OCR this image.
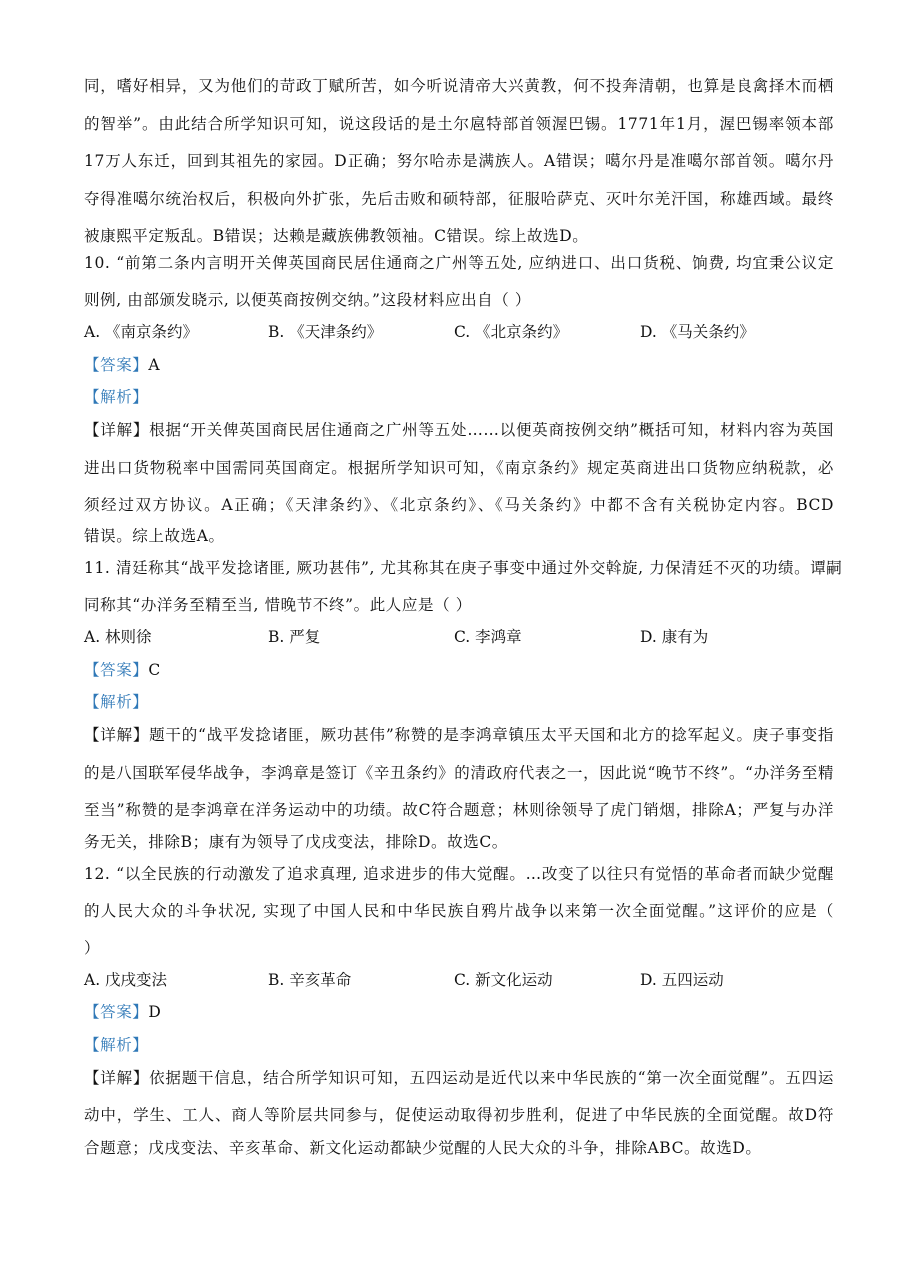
同，嗜好相异，又为他们的苛政丁赋所苦，如今听说清帝大兴黄教，何不投奔清朝，也算是良禽择木而栖
的智举”。由此结合所学知识可知，说这段话的是土尔扈特部首领渥巴锡。1771年1月，渥巴锡率领本部
17万人东迁，回到其祖先的家园。D正确；努尔哈赤是满族人。A错误；噶尔丹是准噶尔部首领。噶尔丹
夺得准噶尔统治权后，积极向外扩张，先后击败和硕特部，征服哈萨克、灭叶尔羌汗国，称雄西域。最终
被康熙平定叛乱。B错误；达赖是藏族佛教领袖。C错误。综上故选D。
10. “前第二条内言明开关俾英国商民居住通商之广州等五处, 应纳进口、出口货税、饷费, 均宜秉公议定
则例, 由部颁发晓示, 以便英商按例交纳。”这段材料应出自（ ）
A. 《南京条约》	B. 《天津条约》	C. 《北京条约》	D. 《马关条约》
【答案】A
【解析】
【详解】根据“开关俾英国商民居住通商之广州等五处……以便英商按例交纳”概括可知，材料内容为英国
进出口货物税率中国需同英国商定。根据所学知识可知，《南京条约》规定英商进出口货物应纳税款，必
须经过双方协议。A正确；《天津条约》、《北京条约》、《马关条约》中都不含有关税协定内容。BCD
错误。综上故选A。
11. 清廷称其“战平发捻诸匪, 厥功甚伟”, 尤其称其在庚子事变中通过外交斡旋, 力保清廷不灭的功绩。谭嗣
同称其“办洋务至精至当, 惜晚节不终”。此人应是（ ）
A. 林则徐	B. 严复	C. 李鸿章	D. 康有为
【答案】C
【解析】
【详解】题干的“战平发捻诸匪，厥功甚伟”称赞的是李鸿章镇压太平天国和北方的捻军起义。庚子事变指
的是八国联军侵华战争，李鸿章是签订《辛丑条约》的清政府代表之一，因此说“晚节不终”。“办洋务至精
至当”称赞的是李鸿章在洋务运动中的功绩。故C符合题意；林则徐领导了虎门销烟，排除A；严复与办洋
务无关，排除B；康有为领导了戊戌变法，排除D。故选C。
12. “以全民族的行动激发了追求真理, 追求进步的伟大觉醒。…改变了以往只有觉悟的革命者而缺少觉醒
的人民大众的斗争状况, 实现了中国人民和中华民族自鸦片战争以来第一次全面觉醒。”这评价的应是（
）
A. 戊戌变法	B. 辛亥革命	C. 新文化运动	D. 五四运动
【答案】D
【解析】
【详解】依据题干信息，结合所学知识可知，五四运动是近代以来中华民族的“第一次全面觉醒”。五四运
动中，学生、工人、商人等阶层共同参与，促使运动取得初步胜利，促进了中华民族的全面觉醒。故D符
合题意；戊戌变法、辛亥革命、新文化运动都缺少觉醒的人民大众的斗争，排除ABC。故选D。
